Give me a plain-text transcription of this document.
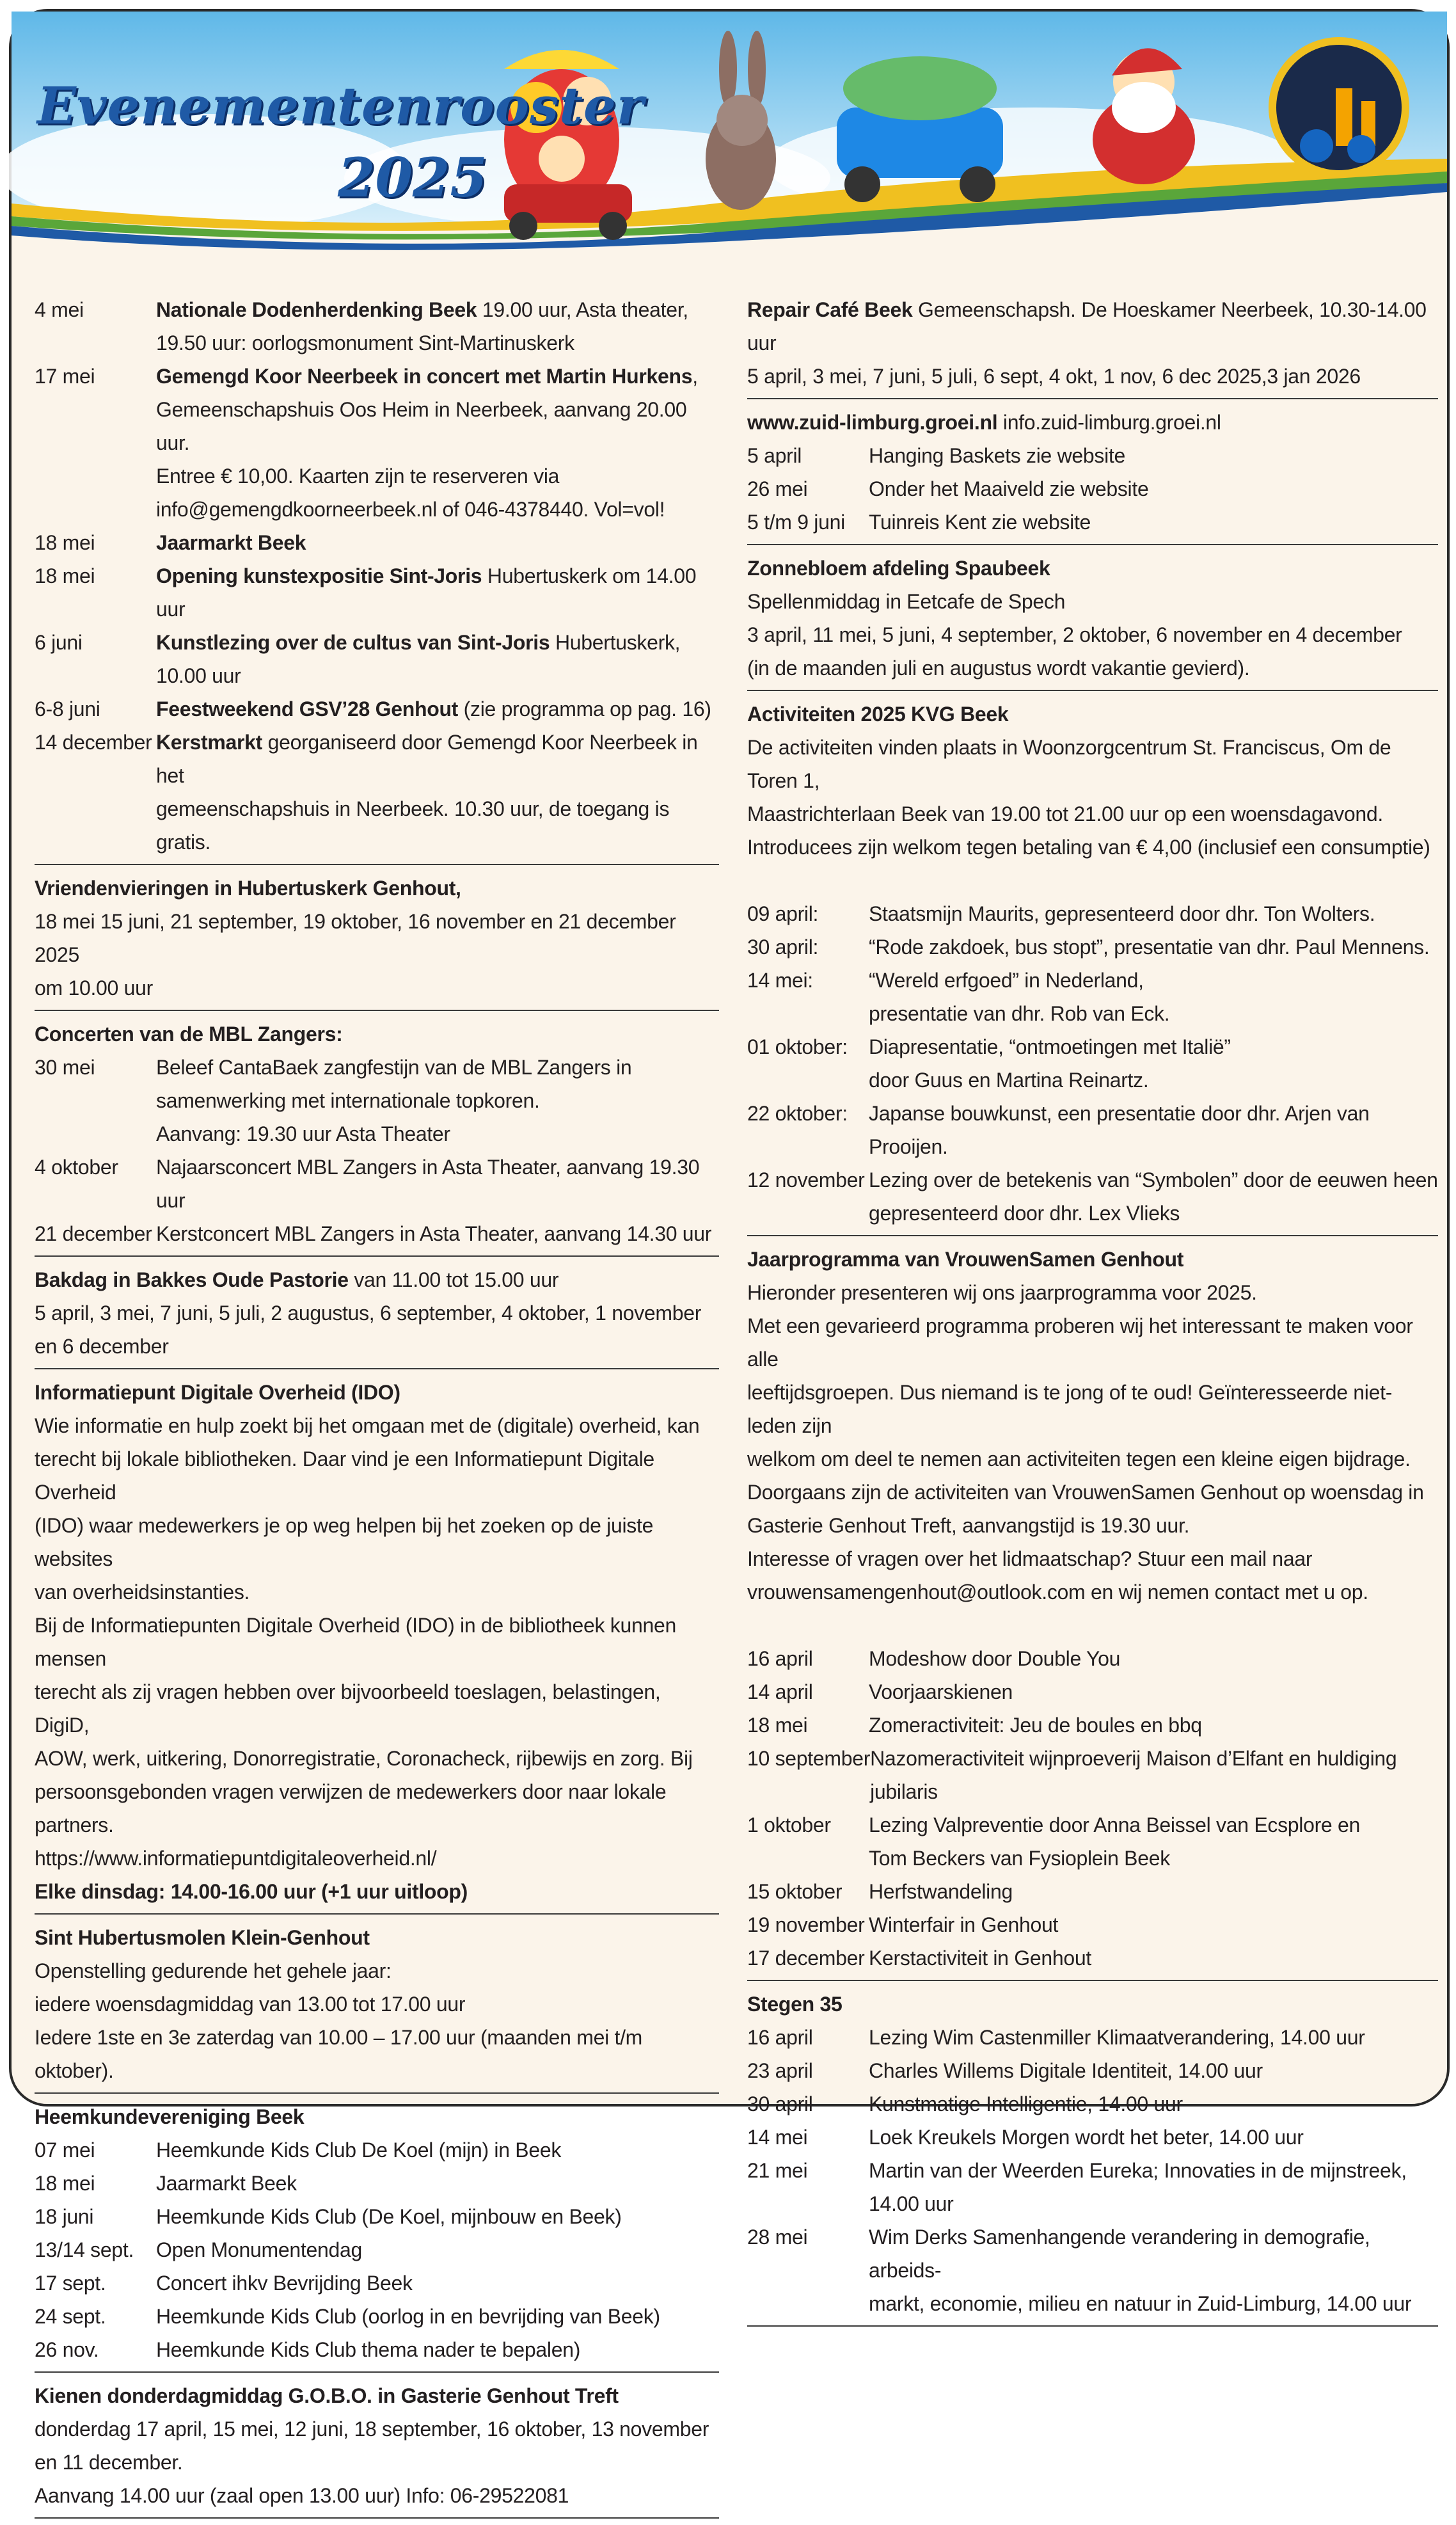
Evenementenrooster
2025
4 mei	Nationale Dodenherdenking Beek 19.00 uur, Asta theater,
19.50 uur: oorlogsmonument Sint-Martinuskerk
17 mei	Gemengd Koor Neerbeek in concert met Martin Hurkens,
Gemeenschapshuis Oos Heim in Neerbeek, aanvang 20.00 uur.
Entree € 10,00. Kaarten zijn te reserveren via
info@gemengdkoorneerbeek.nl of 046-4378440. Vol=vol!
18 mei	Jaarmarkt Beek
18 mei	Opening kunstexpositie Sint-Joris Hubertuskerk om 14.00 uur
6 juni	Kunstlezing over de cultus van Sint-Joris Hubertuskerk, 10.00 uur
6-8 juni	Feestweekend GSV’28 Genhout (zie programma op pag. 16)
14 december Kerstmarkt georganiseerd door Gemengd Koor Neerbeek in het
gemeenschapshuis in Neerbeek. 10.30 uur, de toegang is gratis.
Vriendenvieringen in Hubertuskerk Genhout,
18 mei 15 juni, 21 september, 19 oktober, 16 november en 21 december 2025
om 10.00 uur
Concerten van de MBL Zangers:
30 mei	Beleef CantaBaek zangfestijn van de MBL Zangers in
samenwerking met internationale topkoren.
Aanvang: 19.30 uur Asta Theater
4 oktober	Najaarsconcert MBL Zangers in Asta Theater, aanvang 19.30 uur
21 december Kerstconcert MBL Zangers in Asta Theater, aanvang 14.30 uur
Bakdag in Bakkes Oude Pastorie van 11.00 tot 15.00 uur
5 april, 3 mei, 7 juni, 5 juli, 2 augustus, 6 september, 4 oktober, 1 november
en 6 december
Informatiepunt Digitale Overheid (IDO)
Wie informatie en hulp zoekt bij het omgaan met de (digitale) overheid, kan
terecht bij lokale bibliotheken. Daar vind je een Informatiepunt Digitale Overheid
(IDO) waar medewerkers je op weg helpen bij het zoeken op de juiste websites
van overheidsinstanties.
Bij de Informatiepunten Digitale Overheid (IDO) in de bibliotheek kunnen mensen
terecht als zij vragen hebben over bijvoorbeeld toeslagen, belastingen, DigiD,
AOW, werk, uitkering, Donorregistratie, Coronacheck, rijbewijs en zorg. Bij
persoonsgebonden vragen verwijzen de medewerkers door naar lokale partners.
https://www.informatiepuntdigitaleoverheid.nl/
Elke dinsdag: 14.00-16.00 uur (+1 uur uitloop)
Sint Hubertusmolen Klein-Genhout
Openstelling gedurende het gehele jaar:
iedere woensdagmiddag van 13.00 tot 17.00 uur
Iedere 1ste en 3e zaterdag van 10.00 – 17.00 uur (maanden mei t/m oktober).
Heemkundevereniging Beek
07 mei	Heemkunde Kids Club De Koel (mijn) in Beek
18 mei	Jaarmarkt Beek
18 juni	Heemkunde Kids Club (De Koel, mijnbouw en Beek)
13/14 sept.	Open Monumentendag
17 sept.	Concert ihkv Bevrijding Beek
24 sept.	Heemkunde Kids Club (oorlog in en bevrijding van Beek)
26 nov.	Heemkunde Kids Club thema nader te bepalen)
Kienen donderdagmiddag G.O.B.O. in Gasterie Genhout Treft
donderdag 17 april, 15 mei, 12 juni, 18 september, 16 oktober, 13 november
en 11 december.
Aanvang 14.00 uur (zaal open 13.00 uur) Info: 06-29522081
Repair Café Beek Gemeenschapsh. De Hoeskamer Neerbeek, 10.30-14.00 uur
5 april, 3 mei, 7 juni, 5 juli, 6 sept, 4 okt, 1 nov, 6 dec 2025,3 jan 2026
www.zuid-limburg.groei.nl info.zuid-limburg.groei.nl
5 april	Hanging Baskets zie website
26 mei	Onder het Maaiveld zie website
5 t/m 9 juni	Tuinreis Kent zie website
Zonnebloem afdeling Spaubeek
Spellenmiddag in Eetcafe de Spech
3 april, 11 mei, 5 juni, 4 september, 2 oktober, 6 november en 4 december
(in de maanden juli en augustus wordt vakantie gevierd).
Activiteiten 2025 KVG Beek
De activiteiten vinden plaats in Woonzorgcentrum St. Franciscus, Om de Toren 1,
Maastrichterlaan Beek van 19.00 tot 21.00 uur op een woensdagavond.
Introducees zijn welkom tegen betaling van € 4,00 (inclusief een consumptie)
09 april:	Staatsmijn Maurits, gepresenteerd door dhr. Ton Wolters.
30 april:	“Rode zakdoek, bus stopt”, presentatie van dhr. Paul Mennens.
14 mei:	“Wereld erfgoed” in Nederland,
presentatie van dhr. Rob van Eck.
01 oktober:	Diapresentatie, “ontmoetingen met Italië”
door Guus en Martina Reinartz.
22 oktober:	Japanse bouwkunst, een presentatie door dhr. Arjen van Prooijen.
12 november Lezing over de betekenis van “Symbolen” door de eeuwen heen
gepresenteerd door dhr. Lex Vlieks
Jaarprogramma van VrouwenSamen Genhout
Hieronder presenteren wij ons jaarprogramma voor 2025.
Met een gevarieerd programma proberen wij het interessant te maken voor alle
leeftijdsgroepen. Dus niemand is te jong of te oud! Geïnteresseerde niet-leden zijn
welkom om deel te nemen aan activiteiten tegen een kleine eigen bijdrage.
Doorgaans zijn de activiteiten van VrouwenSamen Genhout op woensdag in
Gasterie Genhout Treft, aanvangstijd is 19.30 uur.
Interesse of vragen over het lidmaatschap? Stuur een mail naar
vrouwensamengenhout@outlook.com en wij nemen contact met u op.
16 april	Modeshow door Double You
14 april	Voorjaarskienen
18 mei	Zomeractiviteit: Jeu de boules en bbq
10 september Nazomeractiviteit wijnproeverij Maison d’Elfant en huldiging jubilaris
1 oktober	Lezing Valpreventie door Anna Beissel van Ecsplore en
Tom Beckers van Fysioplein Beek
15 oktober	Herfstwandeling
19 november Winterfair in Genhout
17 december Kerstactiviteit in Genhout
Stegen 35
16 april	Lezing Wim Castenmiller Klimaatverandering, 14.00 uur
23 april	Charles Willems Digitale Identiteit, 14.00 uur
30 april	Kunstmatige Intelligentie, 14.00 uur
14 mei	Loek Kreukels Morgen wordt het beter, 14.00 uur
21 mei	Martin van der Weerden Eureka; Innovaties in de mijnstreek,
14.00 uur
28 mei	Wim Derks Samenhangende verandering in demografie, arbeids-
markt, economie, milieu en natuur in Zuid-Limburg, 14.00 uur
